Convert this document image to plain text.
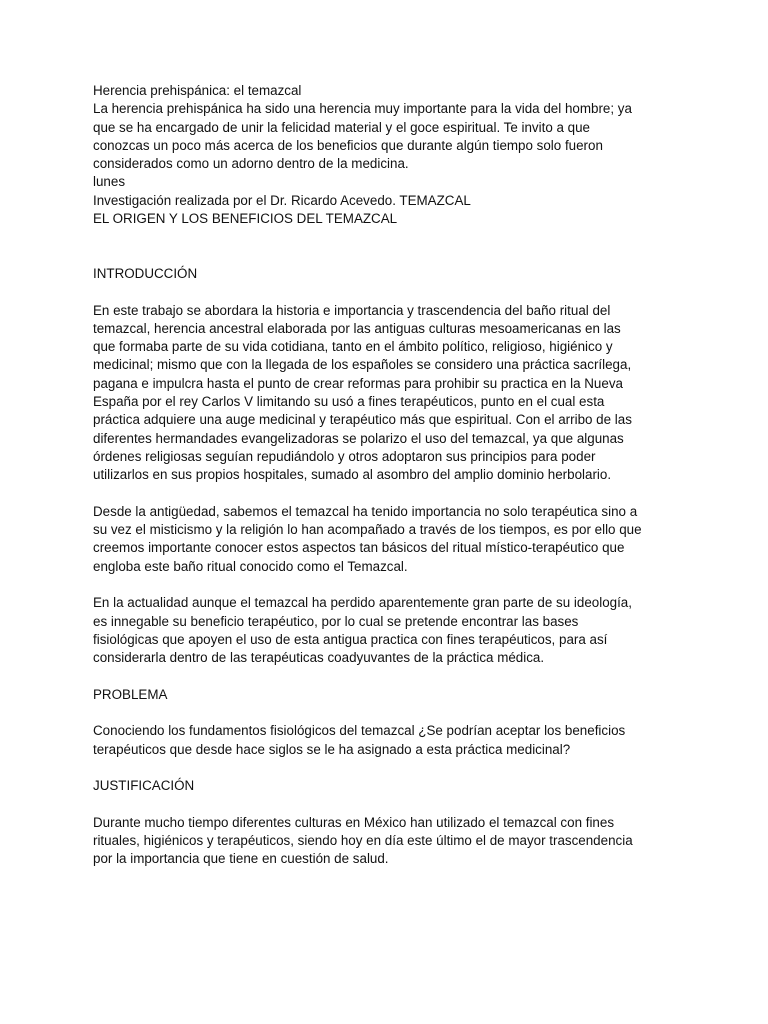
Herencia prehispánica: el temazcal
La herencia prehispánica ha sido una herencia muy importante para la vida del hombre; ya
que se ha encargado de unir la felicidad material y el goce espiritual. Te invito a que
conozcas un poco más acerca de los beneficios que durante algún tiempo solo fueron
considerados como un adorno dentro de la medicina.
lunes
Investigación realizada por el Dr. Ricardo Acevedo. TEMAZCAL
EL ORIGEN Y LOS BENEFICIOS DEL TEMAZCAL
INTRODUCCIÓN
En este trabajo se abordara la historia e importancia y trascendencia del baño ritual del
temazcal, herencia ancestral elaborada por las antiguas culturas mesoamericanas en las
que formaba parte de su vida cotidiana, tanto en el ámbito político, religioso, higiénico y
medicinal; mismo que con la llegada de los españoles se considero una práctica sacrílega,
pagana e impulcra hasta el punto de crear reformas para prohibir su practica en la Nueva
España por el rey Carlos V limitando su usó a fines terapéuticos, punto en el cual esta
práctica adquiere una auge medicinal y terapéutico más que espiritual. Con el arribo de las
diferentes hermandades evangelizadoras se polarizo el uso del temazcal, ya que algunas
órdenes religiosas seguían repudiándolo y otros adoptaron sus principios para poder
utilizarlos en sus propios hospitales, sumado al asombro del amplio dominio herbolario.
Desde la antigüedad, sabemos el temazcal ha tenido importancia no solo terapéutica sino a
su vez el misticismo y la religión lo han acompañado a través de los tiempos, es por ello que
creemos importante conocer estos aspectos tan básicos del ritual místico-terapéutico que
engloba este baño ritual conocido como el Temazcal.
En la actualidad aunque el temazcal ha perdido aparentemente gran parte de su ideología,
es innegable su beneficio terapéutico, por lo cual se pretende encontrar las bases
fisiológicas que apoyen el uso de esta antigua practica con fines terapéuticos, para así
considerarla dentro de las terapéuticas coadyuvantes de la práctica médica.
PROBLEMA
Conociendo los fundamentos fisiológicos del temazcal ¿Se podrían aceptar los beneficios
terapéuticos que desde hace siglos se le ha asignado a esta práctica medicinal?
JUSTIFICACIÓN
Durante mucho tiempo diferentes culturas en México han utilizado el temazcal con fines
rituales, higiénicos y terapéuticos, siendo hoy en día este último el de mayor trascendencia
por la importancia que tiene en cuestión de salud.
